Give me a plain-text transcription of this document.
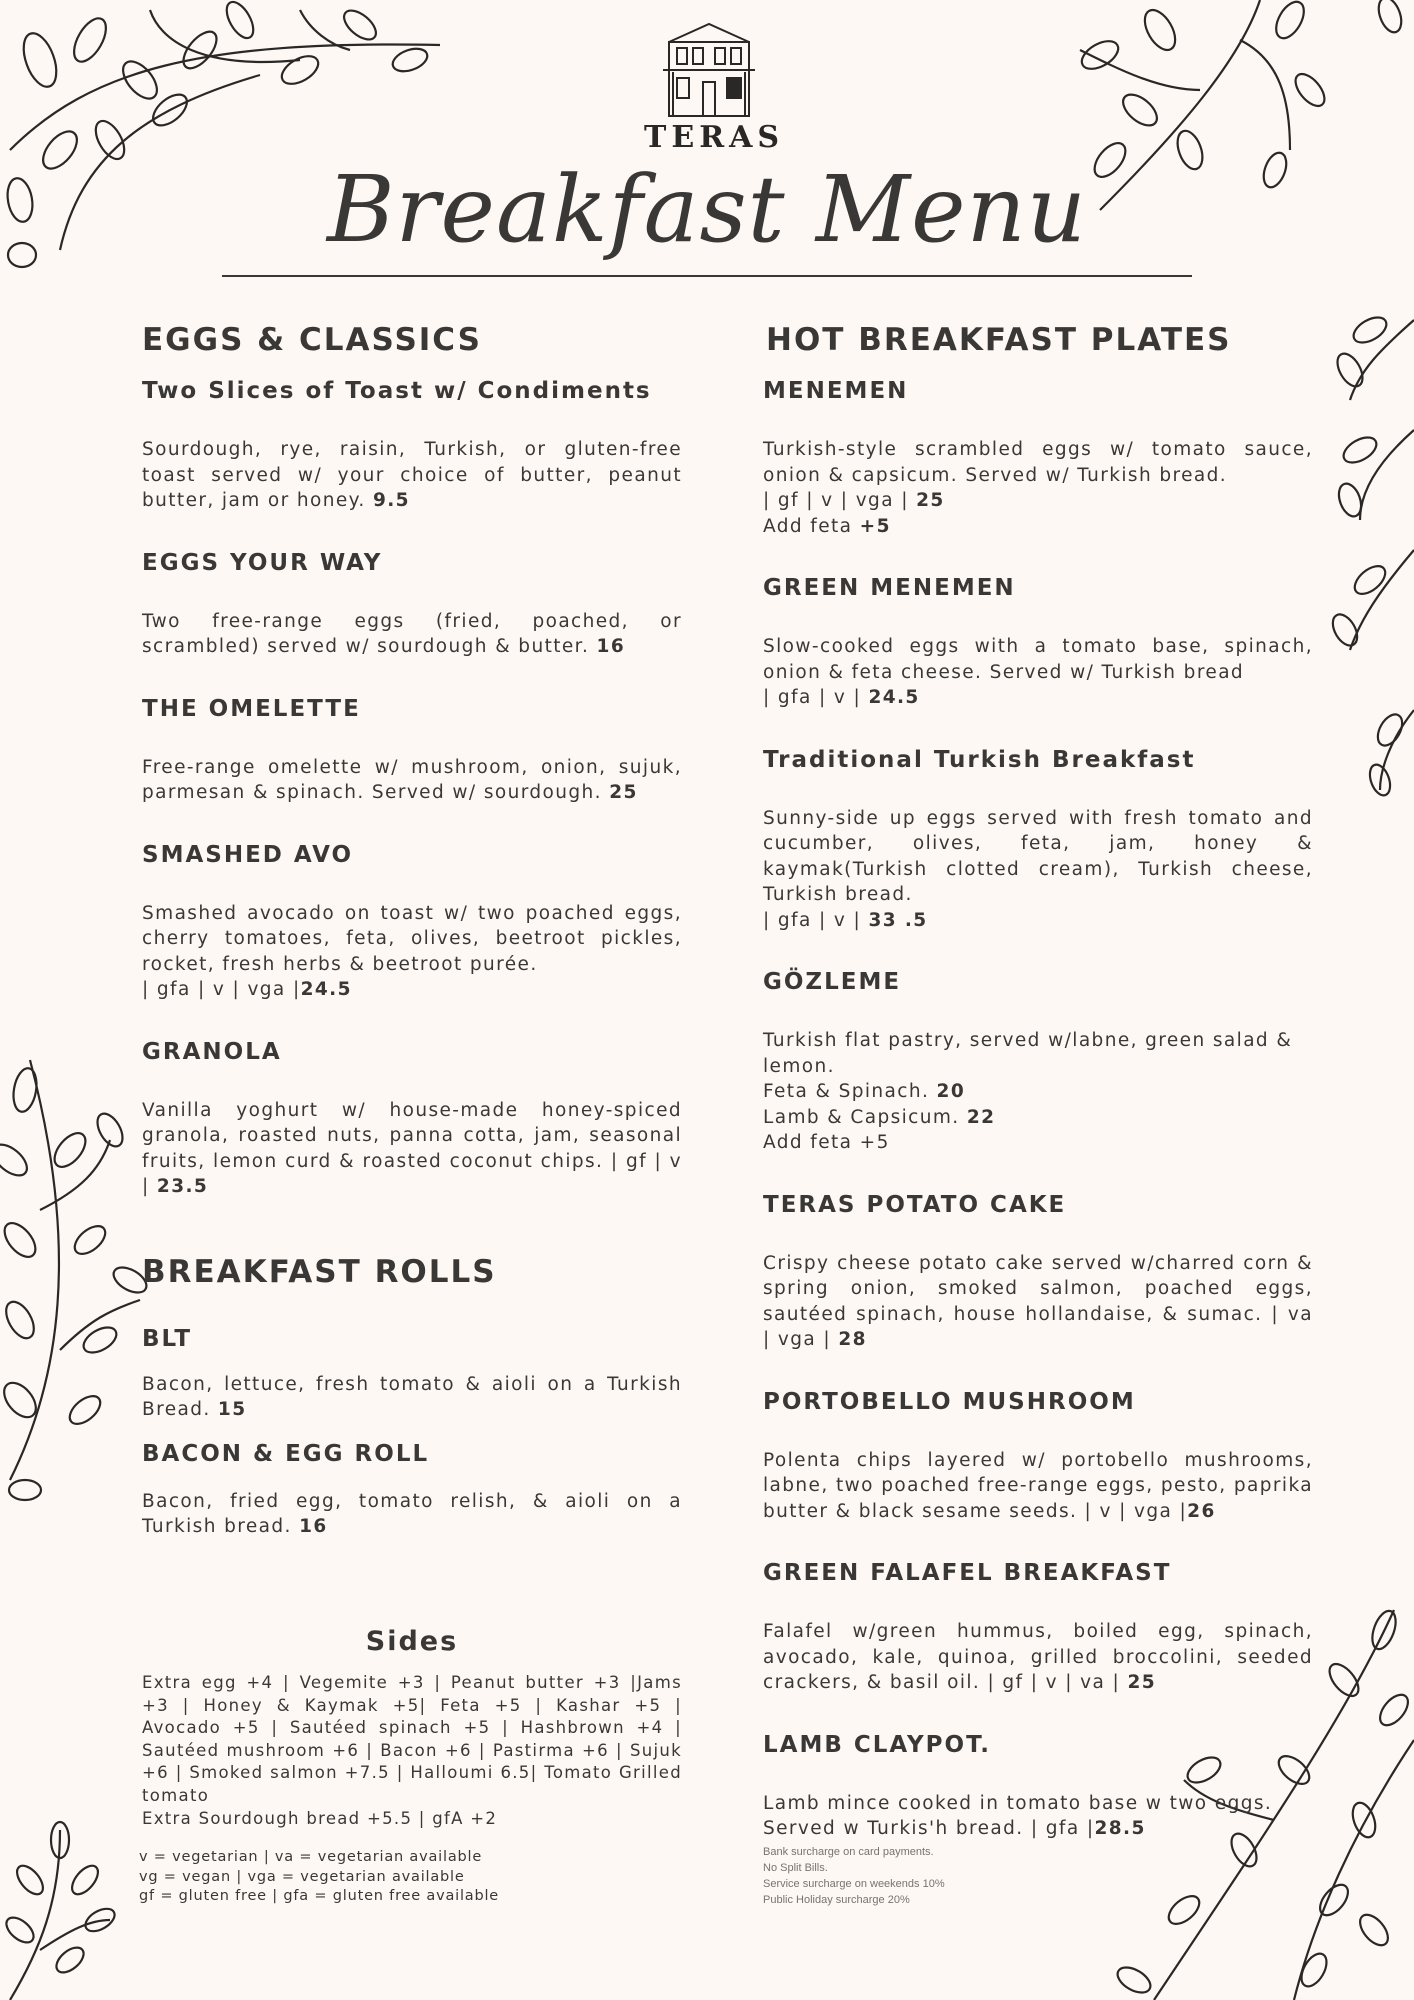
TERAS
Breakfast Menu
EGGS & CLASSICS
Two Slices of Toast w/ Condiments

Sourdough, rye, raisin, Turkish, or gluten-free toast served w/ your choice of butter, peanut butter, jam or honey. 9.5

EGGS YOUR WAY

Two free-range eggs (fried, poached, or scrambled) served w/ sourdough & butter. 16

THE OMELETTE

Free-range omelette w/ mushroom, onion, sujuk, parmesan & spinach. Served w/ sourdough. 25

SMASHED AVO

Smashed avocado on toast w/ two poached eggs, cherry tomatoes, feta, olives, beetroot pickles, rocket, fresh herbs & beetroot purée.

| gfa | v | vga |24.5

GRANOLA

Vanilla yoghurt w/ house-made honey-spiced granola, roasted nuts, panna cotta, jam, seasonal fruits, lemon curd & roasted coconut chips. | gf | v | 23.5

BREAKFAST ROLLS
BLT

Bacon, lettuce, fresh tomato & aioli on a Turkish Bread. 15

BACON & EGG ROLL

Bacon, fried egg, tomato relish, & aioli on a Turkish bread. 16

Sides
Extra egg +4 | Vegemite +3 | Peanut butter +3 |Jams +3 | Honey & Kaymak +5| Feta +5 | Kashar +5 | Avocado +5 | Sautéed spinach +5 | Hashbrown +4 | Sautéed mushroom +6 | Bacon +6 | Pastirma +6 | Sujuk +6 | Smoked salmon +7.5 | Halloumi 6.5| Tomato Grilled tomato
Extra Sourdough bread +5.5 | gfA +2
v = vegetarian | va = vegetarian available
vg = vegan | vga = vegetarian available
gf = gluten free | gfa = gluten free available
HOT BREAKFAST PLATES
MENEMEN

Turkish-style scrambled eggs w/ tomato sauce, onion & capsicum. Served w/ Turkish bread.

| gf | v | vga | 25

Add feta +5

GREEN MENEMEN

Slow-cooked eggs with a tomato base, spinach, onion & feta cheese. Served w/ Turkish bread

| gfa | v | 24.5

Traditional Turkish Breakfast

Sunny-side up eggs served with fresh tomato and cucumber, olives, feta, jam, honey & kaymak(Turkish clotted cream), Turkish cheese, Turkish bread.

| gfa | v | 33 .5

GÖZLEME

Turkish flat pastry, served w/labne, green salad & lemon.

Feta & Spinach. 20

Lamb & Capsicum. 22

Add feta +5

TERAS POTATO CAKE

Crispy cheese potato cake served w/charred corn & spring onion, smoked salmon, poached eggs, sautéed spinach, house hollandaise, & sumac. | va | vga | 28

PORTOBELLO MUSHROOM

Polenta chips layered w/ portobello mushrooms, labne, two poached free-range eggs, pesto, paprika butter & black sesame seeds. | v | vga |26

GREEN FALAFEL BREAKFAST

Falafel w/green hummus, boiled egg, spinach, avocado, kale, quinoa, grilled broccolini, seeded crackers, & basil oil. | gf | v | va | 25

LAMB CLAYPOT.

Lamb mince cooked in tomato base w two eggs. Served w Turkis'h bread. | gfa |28.5

Bank surcharge on card payments.
No Split Bills.
Service surcharge on weekends 10%
Public Holiday surcharge 20%
